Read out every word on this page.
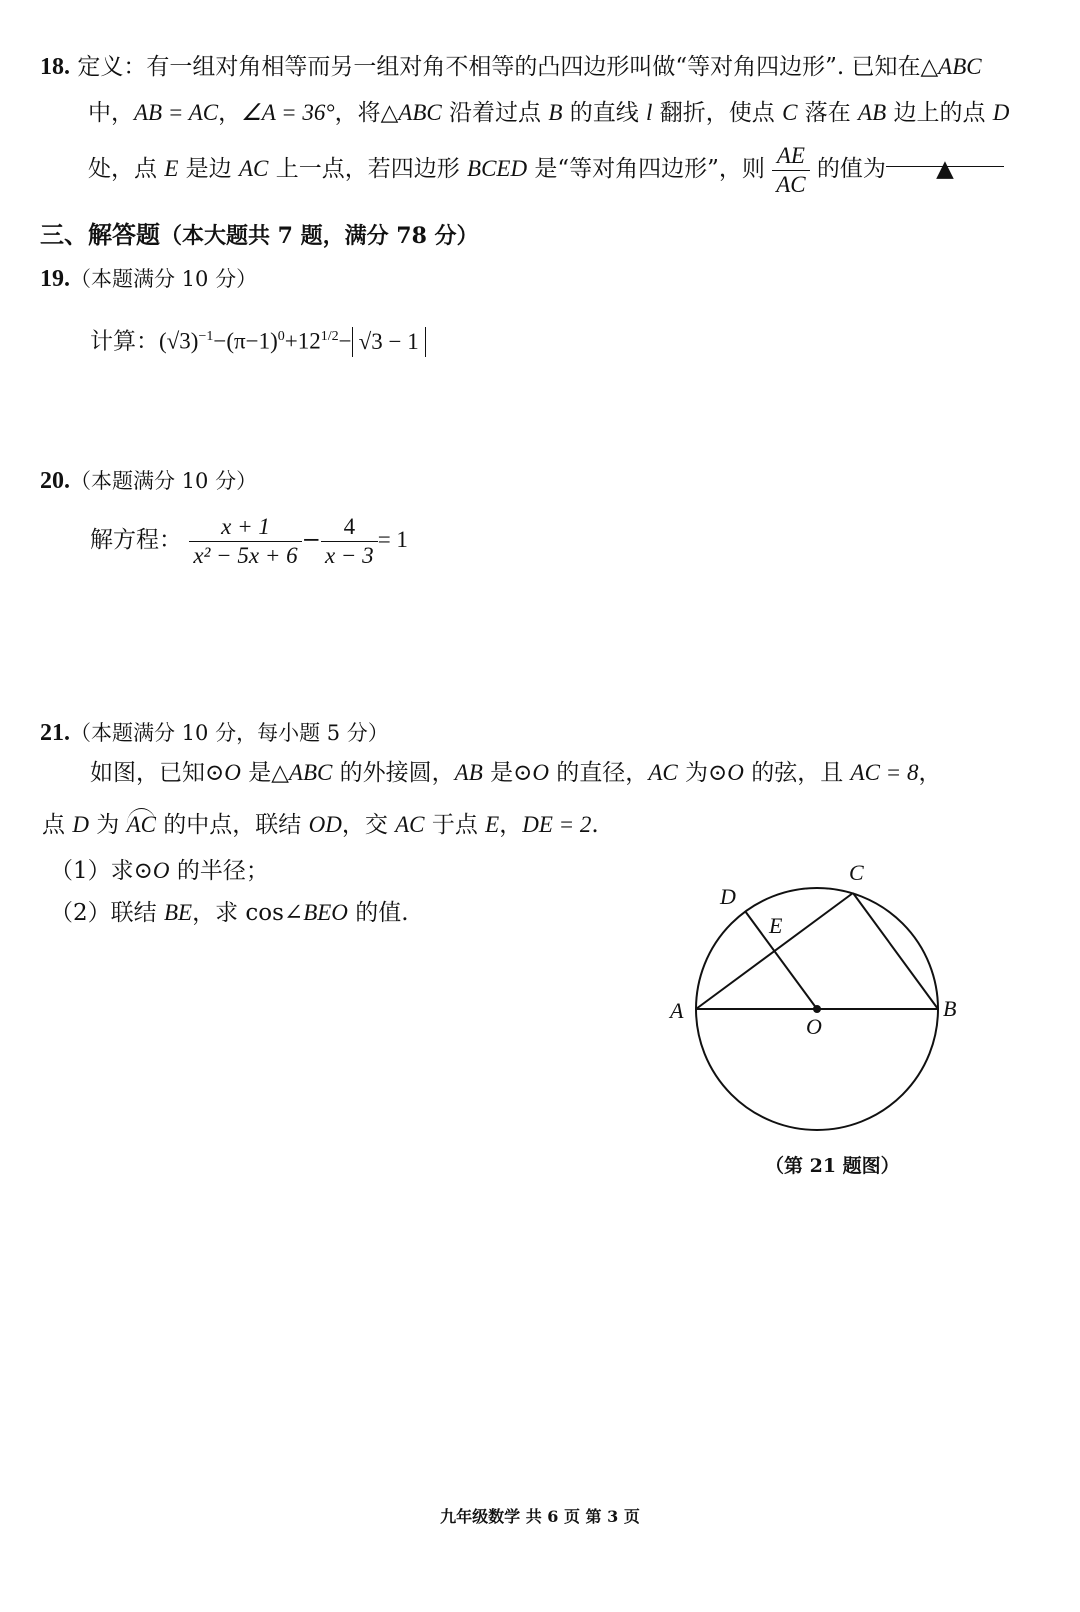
18. 定义：有一组对角相等而另一组对角不相等的凸四边形叫做“等对角四边形”. 已知在△ABC
中，AB = AC，∠A = 36°，将△ABC 沿着过点 B 的直线 l 翻折，使点 C 落在 AB 边上的点 D
处，点 E 是边 AC 上一点，若四边形 BCED 是“等对角四边形”，则 $\frac{AE}{AC}$ 的值为 ▲
三、解答题（本大题共 7 题，满分 78 分）
19.（本题满分 10 分）
计算：$(√3)^{-1}-(\pi-1)^0+12^{1/2}- √3 - 1$
20.（本题满分 10 分）
解方程： $\frac{x + 1}{\text{x² − 5x + 6}} - \frac{4}{x - 3} = 1$
21.（本题满分 10 分，每小题 5 分）
如图，已知⊙O 是△ABC 的外接圆，AB 是⊙O 的直径，AC 为⊙O 的弦，且 AC = 8，
点 D 为 AC 的中点，联结 OD，交 AC 于点 E，DE = 2.
（1）求⊙O 的半径；
（2）联结 BE，求 cos∠BEO 的值.
A	B
C
D
E
O
（第 21 题图）
九年级数学 共 6 页 第 3 页
